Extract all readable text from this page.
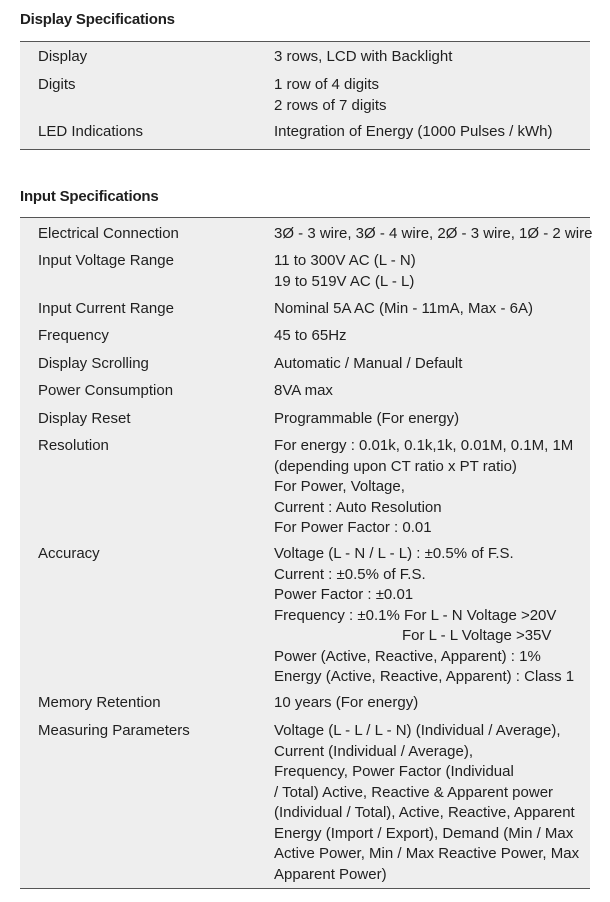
Display Specifications
Display	3 rows, LCD with Backlight
Digits	1 row of 4 digits
2 rows of 7 digits
LED Indications	Integration of Energy (1000 Pulses / kWh)
Input Specifications
Electrical Connection	3Ø - 3 wire, 3Ø - 4 wire, 2Ø - 3 wire, 1Ø - 2 wire
Input Voltage Range	11 to 300V AC (L - N)
19 to 519V AC (L - L)
Input Current Range	Nominal 5A AC (Min - 11mA, Max - 6A)
Frequency	45 to 65Hz
Display Scrolling	Automatic / Manual / Default
Power Consumption	8VA max
Display Reset	Programmable (For energy)
Resolution	For energy : 0.01k, 0.1k,1k, 0.01M, 0.1M, 1M
(depending upon CT ratio x PT ratio)
For Power, Voltage,
Current : Auto Resolution
For Power Factor : 0.01
Accuracy	Voltage (L - N / L - L) : ±0.5% of F.S.
Current : ±0.5% of F.S.
Power Factor : ±0.01
Frequency : ±0.1% For L - N Voltage >20V
For L - L Voltage >35V
Power (Active, Reactive, Apparent) : 1%
Energy (Active, Reactive, Apparent) : Class 1
Memory Retention	10 years (For energy)
Measuring Parameters	Voltage (L - L / L - N) (Individual / Average),
Current (Individual / Average),
Frequency, Power Factor (Individual
/ Total) Active, Reactive & Apparent power
(Individual / Total), Active, Reactive, Apparent
Energy (Import / Export), Demand (Min / Max
Active Power, Min / Max Reactive Power, Max
Apparent Power)
